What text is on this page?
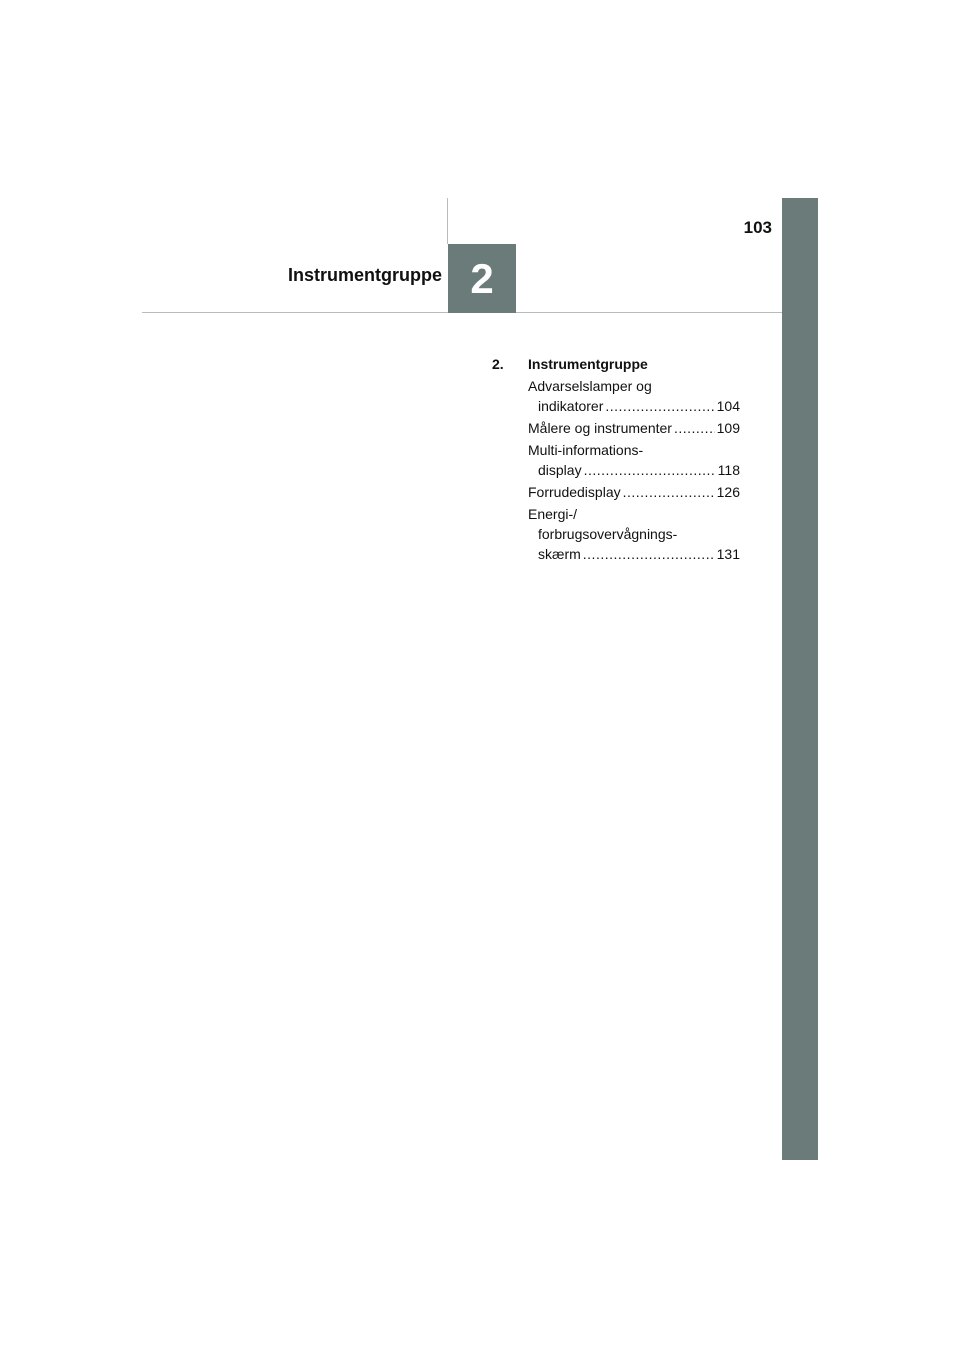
Instrumentgruppe 2
103
2.	Instrumentgruppe
Advarselslamper og
indikatorer .....	104
Målere og instrumenter .....	109
Multi-informations-
display .....	118
Forrudedisplay .....	126
Energi-/
forbrugsovervågnings-
skærm .....	131
